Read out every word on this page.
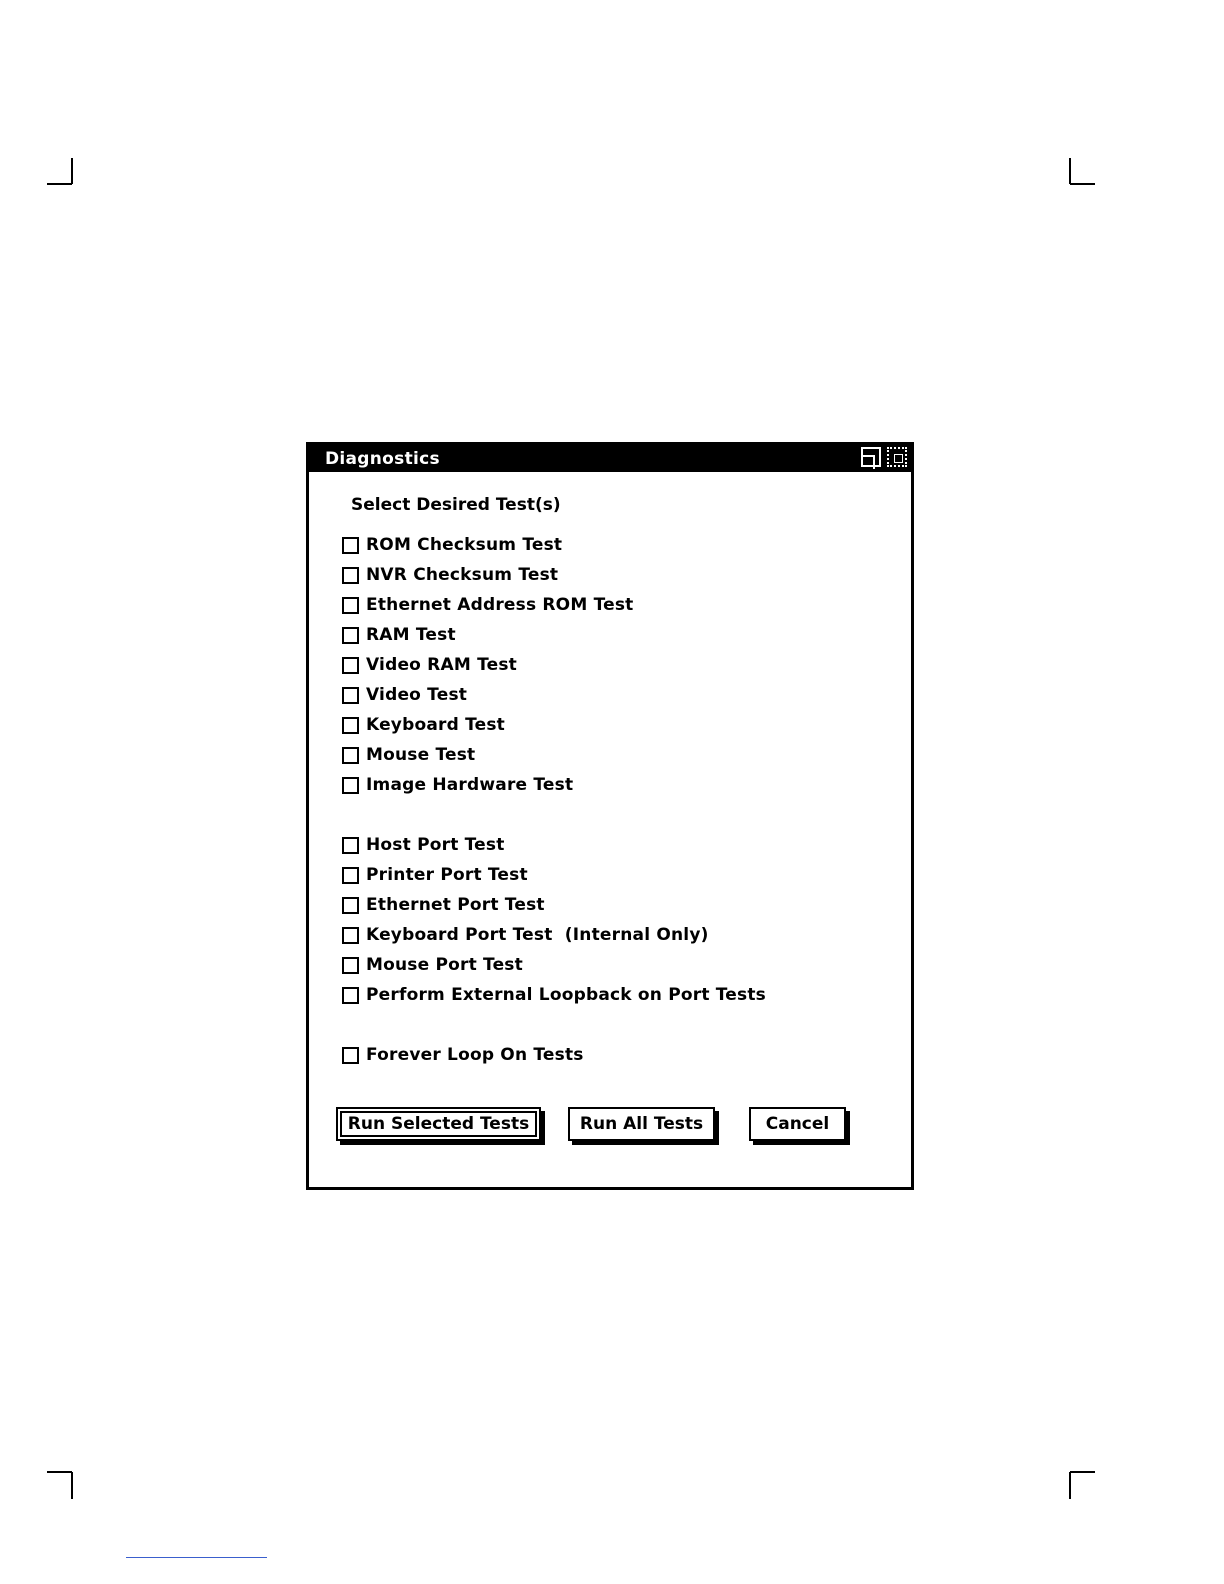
Diagnostics

Select Desired Test(s)

ROM Checksum Test
NVR Checksum Test
Ethernet Address ROM Test
RAM Test
Video RAM Test
Video Test
Keyboard Test
Mouse Test
Image Hardware Test
Host Port Test
Printer Port Test
Ethernet Port Test
Keyboard Port Test  (Internal Only)
Mouse Port Test
Perform External Loopback on Port Tests
Forever Loop On Tests
Run Selected Tests	Run All Tests	Cancel
